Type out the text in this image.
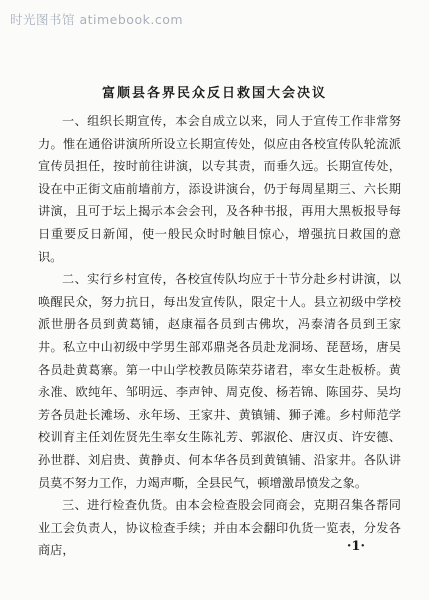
时光图书馆 atimebook.com
富顺县各界民众反日救国大会决议

一、组织长期宣传，本会自成立以来，同人于宣传工作非常努力。惟在通俗讲演所所设立长期宣传处，似应由各校宣传队轮流派宣传员担任，按时前往讲演，以专其责，而垂久远。长期宣传处，设在中正街文庙前墙前方，添设讲演台，仍于每周星期三、六长期讲演，且可于坛上揭示本会会刊，及各种书报，再用大黑板报导每日重要反日新闻，使一般民众时时触目惊心，增强抗日救国的意识。

二、实行乡村宣传，各校宣传队均应于十节分赴乡村讲演，以唤醒民众，努力抗日，每出发宣传队，限定十人。县立初级中学校派世册各员到黄葛铺，赵康福各员到古佛坎，冯泰清各员到王家井。私立中山初级中学男生部邓鼎尧各员赴龙洞场、琵琶场，唐吴各员赴黄葛寨。第一中山学校教员陈荣芬诸君，率女生赴板桥。黄永准、欧纯年、邹明远、李声钟、周克俊、杨若锦、陈国芬、吴均芳各员赴长滩场、永年场、王家井、黄镇铺、狮子滩。乡村师范学校训育主任刘佐贤先生率女生陈礼芳、郭淑伦、唐汉贞、许安德、孙世群、刘启贵、黄静贞、何本华各员到黄镇铺、沿家井。各队讲员莫不努力工作，力竭声嘶，全县民气，顿增激昂愤发之象。

三、进行检查仇货。由本会检查股会同商会，克期召集各帮同业工会负责人，协议检查手续；并由本会翻印仇货一览表，分发各商店，	·1·
